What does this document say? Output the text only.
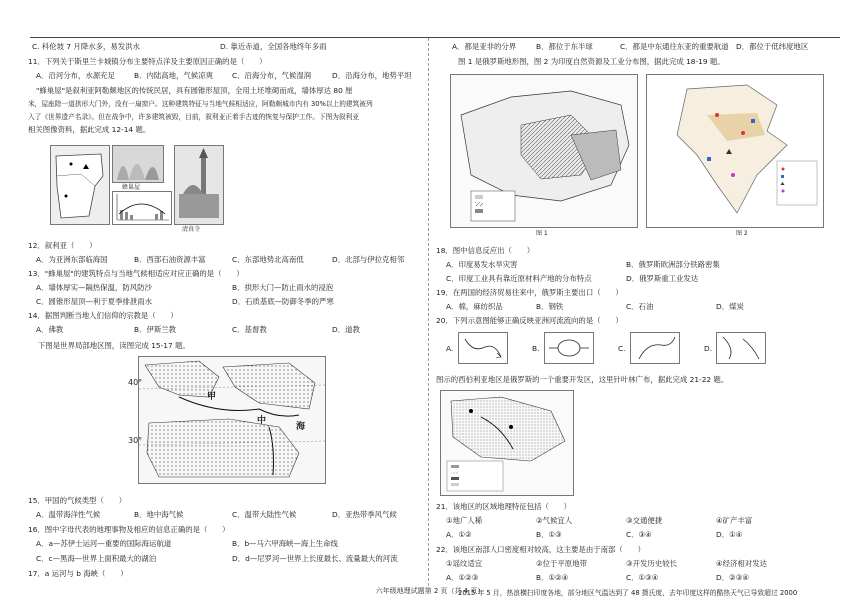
C. 科伦坡 7 月降水多，易发洪水	D. 靠近赤道，全国各地终年多雨
11．下列关于斯里兰卡城镇分布主要特点洋及主要原因正确的是（　　）
A．沿河分布，水源充足	B．内陆高地，气候凉爽	C．沿海分布，气候湿润	D．沿海分布，地势平坦
"蜂巢屋"是叙利亚阿勒颇地区的传统民居，具有圆锥形屋顶，全用土坯堆砌而成，墙体厚达 80 厘
米，屋座除一道拱形大门外，没有一扇窗户。这种建筑特征与当地气候相适应，阿勒颇城市内有 30%以上的建筑被列
入了《世界遗产名录》。但在战争中，许多建筑被毁，目前，叙利亚正着手古迹的恢复与保护工作。下图为叙利亚
相关图像资料，据此完成 12-14 题。
蜂巢屋
清真寺
12．叙利亚（　　）
A．为亚洲东部临海国	B．西部石油资源丰富	C．东部地势北高南低	D．北部与伊拉克相邻
13．"蜂巢屋"的建筑特点与当地气候相适应对应正确的是（　　）
A．墙体厚实—隔热保温，防风防沙	B．拱形大门—防止雨水的浸泡
C．圆锥形屋顶—利于夏季排泄雨水	D．石质基底—防御冬季的严寒
14．据图判断当地人们信仰的宗教是（　　）
A．佛教	B．伊斯兰教	C．基督教	D．道教
下图是世界局部地区图，读图完成 15-17 题。
40°
30°
甲
中
海
15．甲国的气候类型（　　）
A．温带海洋性气候	B．地中海气候	C．温带大陆性气候	D．亚热带季风气候
16．图中字母代表的地理事物及相应的信息正确的是（　　）
A．a—苏伊士运河—重要的国际海运航道	B．b—马六甲海峡—海上生命线
C．c—黑海—世界上面积最大的湖泊	D．d—尼罗河—世界上长度最长、流量最大的河流
17．a 运河与 b 海峡（　　）
A．都是亚非的分界	B．都位于东半球	C．都是中东通往东亚的重要航道 D．都位于低纬度地区
图 1 是俄罗斯地形图，图 2 为印度自然资源及工业分布图，据此完成 18-19 题。
图 1	图 2
18．图中信息反应出（　　）
A．印度易发水旱灾害	B．俄罗斯欧洲部分铁路密集
C．印度工业具有靠近原材料产地的分布特点	D．俄罗斯重工业发达
19．在两国的经济贸易往来中，俄罗斯主要出口（　　）
A．棉，麻纺织品	B．钢铁	C．石油	D．煤炭
20．下列示意图能够正确反映亚洲河流流向的是（　　）
A.	B.	C.	D.
图示的西伯利亚地区是俄罗斯的一个重要开发区，这里针叶林广布，据此完成 21-22 题。
21．该地区的区域地理特征包括（　　）
①地广人稀	②气候宜人	③交通便捷	④矿产丰富
A．①②	B．①③	C．③④	D．①④
22．该地区南部人口密度相对较高，这主要是由于南部（　　）
①谣纹适宜	②位于平原地带	③开发历史较长	④经济相对发达
A．①②③	B．①②④	C．①③④	D．②③④
2015 年 5 月，热浪横扫印度各地，部分地区气温达到了 48 摄氏度，去年印度这样的酷热天气已导致超过 2000
六年级地理试题第 2 页（共 4 页）
